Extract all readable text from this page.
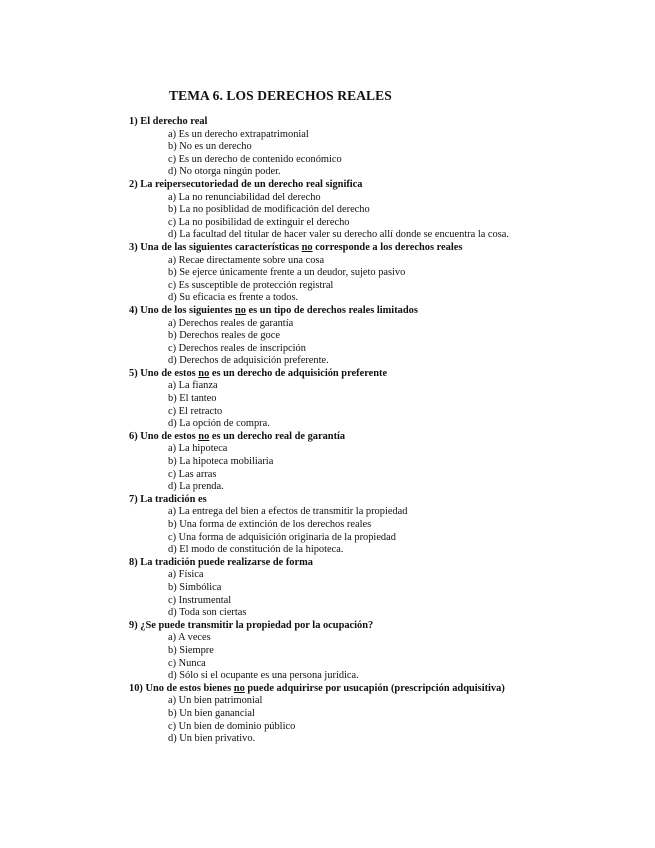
TEMA 6. LOS DERECHOS REALES
1) El derecho real
a) Es un derecho extrapatrimonial
b) No es un derecho
c) Es un derecho de contenido económico
d) No otorga ningún poder.
2) La reipersecutoriedad de un derecho real significa
a) La no renunciabilidad del derecho
b) La no posiblidad de modificación del derecho
c) La no posibilidad de extinguir el derecho
d) La facultad del titular de hacer valer su derecho allí donde se encuentra la cosa.
3) Una de las siguientes características no corresponde a los derechos reales
a) Recae directamente sobre una cosa
b) Se ejerce únicamente frente a un deudor, sujeto pasivo
c) Es susceptible de protección registral
d) Su eficacia es frente a todos.
4) Uno de los siguientes no es un tipo de derechos reales limitados
a) Derechos reales de garantía
b) Derechos reales de goce
c) Derechos reales de inscripción
d) Derechos de adquisición preferente.
5) Uno de estos no es un derecho de adquisición preferente
a) La fianza
b) El tanteo
c) El retracto
d) La opción de compra.
6) Uno de estos no es un derecho real de garantía
a) La hipoteca
b) La hipoteca mobiliaria
c) Las arras
d) La prenda.
7) La tradición es
a) La entrega del bien a efectos de transmitir la propiedad
b) Una forma de extinción de los derechos reales
c) Una forma de adquisición originaria de la propiedad
d) El modo de constitución de la hipoteca.
8) La tradición puede realizarse de forma
a) Física
b) Simbólica
c) Instrumental
d) Toda son ciertas
9) ¿Se puede transmitir la propiedad por la ocupación?
a) A veces
b) Siempre
c) Nunca
d) Sólo si el ocupante es una persona jurídica.
10) Uno de estos bienes no puede adquirirse por usucapión (prescripción adquisitiva)
a) Un bien patrimonial
b) Un bien ganancial
c) Un bien de dominio público
d) Un bien privativo.
